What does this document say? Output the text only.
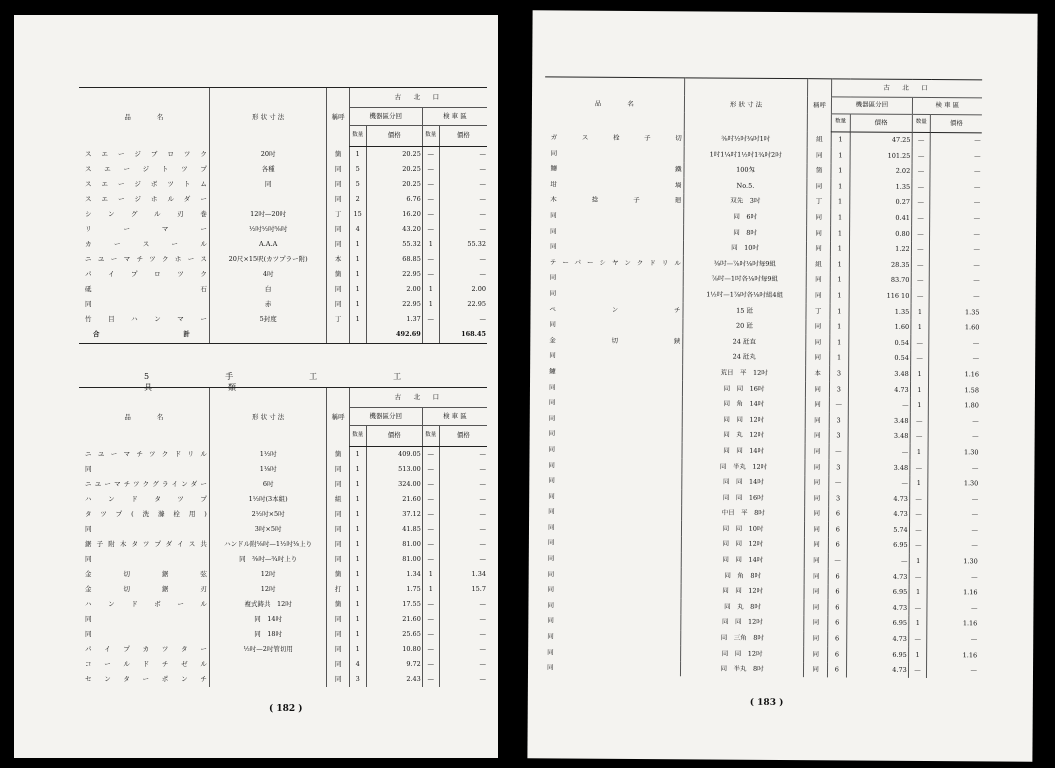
品　　　　名	形 状 寸 法	稱呼	古　北　口			
			機器區分回		検 車 區	
			数量	價格	数量	價格
スエージブロツク	20吋	箇	1	20.25	—	—
スエージトツプ	各種	同	5	20.25	—	—
スエージボツトム	同	同	5	20.25	—	—
スエージホルダー		同	2	6.76	—	—
シングル刃巻	12吋—20吋	丁	15	16.20	—	—
リーマー	½吋½吋⅝吋	同	4	43.20	—	—
カースール	A.A.A	同	1	55.32	1	55.32
ニユーマチツクホース	20尺×15呎(カツプラー附)	本	1	68.85	—	—
パイプロツク	4吋	箇	1	22.95	—	—
砥　　石	白	同	1	2.00	1	2.00
同	赤	同	1	22.95	1	22.95
竹目ハンマー	5封度	丁	1	1.37	—	—
合　　　　計				492.69		168.45
5　手　工　工　具　類
品　　　　名	形 状 寸 法	稱呼	古　北　口			
			機器區分回		検 車 區	
			数量	價格	数量	價格
ニユーマチツクドリル	1½吋	箇	1	409.05	—	—
同	1⅛吋	同	1	513.00	—	—
ニユーマチツクグラインダー	6吋	同	1	324.00	—	—
ハンドタツプ	1½吋(3本組)	組	1	21.60	—	—
タツプ(洗滌栓用)	2½吋×5吋	同	1	37.12	—	—
同	3吋×5吋	同	1	41.85	—	—
鋸子附木タツプダイス共	ハンドル附⅛吋—1½吋⅛上り	同	1	81.00	—	—
同	同　⅜吋—¾吋上り	同	1	81.00	—	—
金切鋸弦	12吋	箇	1	1.34	1	1.34
金切鋸刃	12吋	打	1	1.75	1	15.7
ハンドボール	複式鋳共　12吋	箇	1	17.55	—	—
同	同　14吋	同	1	21.60	—	—
同	同　18吋	同	1	25.65	—	—
パイプカツター	½吋—2吋管切用	同	1	10.80	—	—
コールドチゼル		同	4	9.72	—	—
センターポンチ		同	3	2.43	—	—
( 182 )
品　　　　名	形 狀 寸 法	稱呼	古　北　口			
			機器區分回		検 車 區	
			数量	價格	数量	價格
ガス栓子切	⅜吋½吋¾吋1吋	組	1	47.25	—	—
同	1吋1¼吋1½吋1¾吋2吋	同	1	101.25	—	—
鑢　　鐵	100匁	箇	1	2.02	—	—
坩　　堝	No.5.	同	1	1.35	—	—
木　捻　子　廻	双先　3吋	丁	1	0.27	—	—
同	同　6吋	同	1	0.41	—	—
同	同　8吋	同	1	0.80	—	—
同	同　10吋	同	1	1.22	—	—
テーパーシヤンクドリル	⅜吋—⅞吋⅛吋毎9組	組	1	28.35	—	—
同	⅞吋—1吋各⅛吋毎9組	同	1	83.70	—	—
同	1½吋—1⅞吋各⅛吋組4組	同	1	116 10	—	—
ペ　ン　チ	15 瓩	丁	1	1.35	1	1.35
同	20 瓩	同	1	1.60	1	1.60
金　切　鋏	24 瓩直	同	1	0.54	—	—
同	24 瓩丸	同	1	0.54	—	—
鑢	荒目　平　12吋	本	3	3.48	1	1.16
同	同　同　16吋	同	3	4.73	1	1.58
同	同　角　14吋	同	—	—	1	1.80
同	同　同　12吋	同	3	3.48	—	—
同	同　丸　12吋	同	3	3.48	—	—
同	同　同　14吋	同	—	—	1	1.30
同	同　半丸　12吋	同	3	3.48	—	—
同	同　同　14吋	同	—	—	1	1.30
同	同　同　16吋	同	3	4.73	—	—
同	中目　平　8吋	同	6	4.73	—	—
同	同　同　10吋	同	6	5.74	—	—
同	同　同　12吋	同	6	6.95	—	—
同	同　同　14吋	同	—	—	1	1.30
同	同　角　8吋	同	6	4.73	—	—
同	同　同　12吋	同	6	6.95	1	1.16
同	同　丸　8吋	同	6	4.73	—	—
同	同　同　12吋	同	6	6.95	1	1.16
同	同　三角　8吋	同	6	4.73	—	—
同	同　同　12吋	同	6	6.95	1	1.16
同	同　半丸　8吋	同	6	4.73	—	—
( 183 )
